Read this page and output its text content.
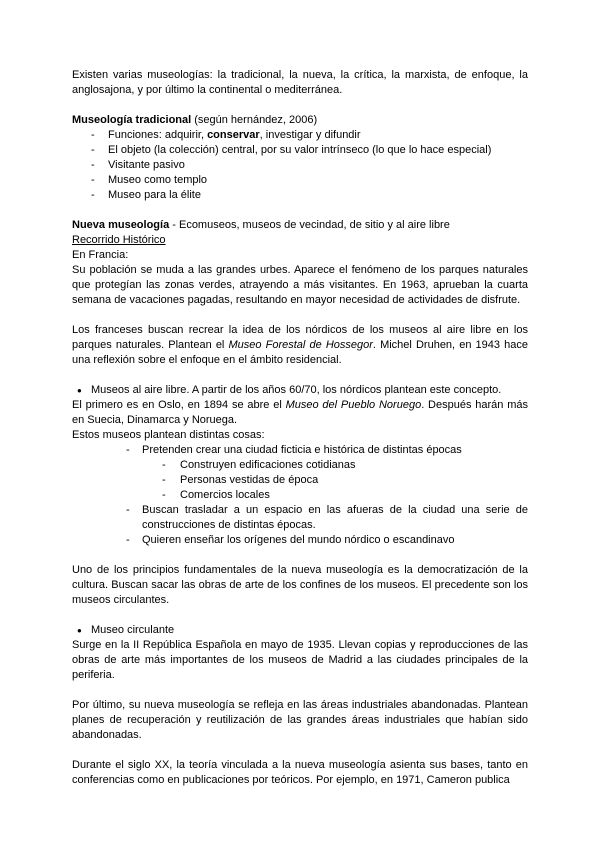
Existen varias museologías: la tradicional, la nueva, la crítica, la marxista, de enfoque, la anglosajona, y por último la continental o mediterránea.

Museología tradicional (según hernández, 2006)

- Funciones: adquirir, conservar, investigar y difundir
- El objeto (la colección) central, por su valor intrínseco (lo que lo hace especial)
- Visitante pasivo
- Museo como templo
- Museo para la élite

Nueva museología - Ecomuseos, museos de vecindad, de sitio y al aire libre

Recorrido Histórico

En Francia:

Su población se muda a las grandes urbes. Aparece el fenómeno de los parques naturales que protegían las zonas verdes, atrayendo a más visitantes. En 1963, aprueban la cuarta semana de vacaciones pagadas, resultando en mayor necesidad de actividades de disfrute.

Los franceses buscan recrear la idea de los nórdicos de los museos al aire libre en los parques naturales. Plantean el Museo Forestal de Hossegor. Michel Druhen, en 1943 hace una reflexión sobre el enfoque en el ámbito residencial.

● Museos al aire libre. A partir de los años 60/70, los nórdicos plantean este concepto.

El primero es en Oslo, en 1894 se abre el Museo del Pueblo Noruego. Después harán más en Suecia, Dinamarca y Noruega.

Estos museos plantean distintas cosas:

- Pretenden crear una ciudad ficticia e histórica de distintas épocas
- Construyen edificaciones cotidianas
- Personas vestidas de época
- Comercios locales
- Buscan trasladar a un espacio en las afueras de la ciudad una serie de construcciones de distintas épocas.
- Quieren enseñar los orígenes del mundo nórdico o escandinavo

Uno de los principios fundamentales de la nueva museología es la democratización de la cultura. Buscan sacar las obras de arte de los confines de los museos. El precedente son los museos circulantes.

● Museo circulante

Surge en la II República Española en mayo de 1935. Llevan copias y reproducciones de las obras de arte más importantes de los museos de Madrid a las ciudades principales de la periferia.

Por último, su nueva museología se refleja en las áreas industriales abandonadas. Plantean planes de recuperación y reutilización de las grandes áreas industriales que habían sido abandonadas.

Durante el siglo XX, la teoría vinculada a la nueva museología asienta sus bases, tanto en conferencias como en publicaciones por teóricos. Por ejemplo, en 1971, Cameron publica
